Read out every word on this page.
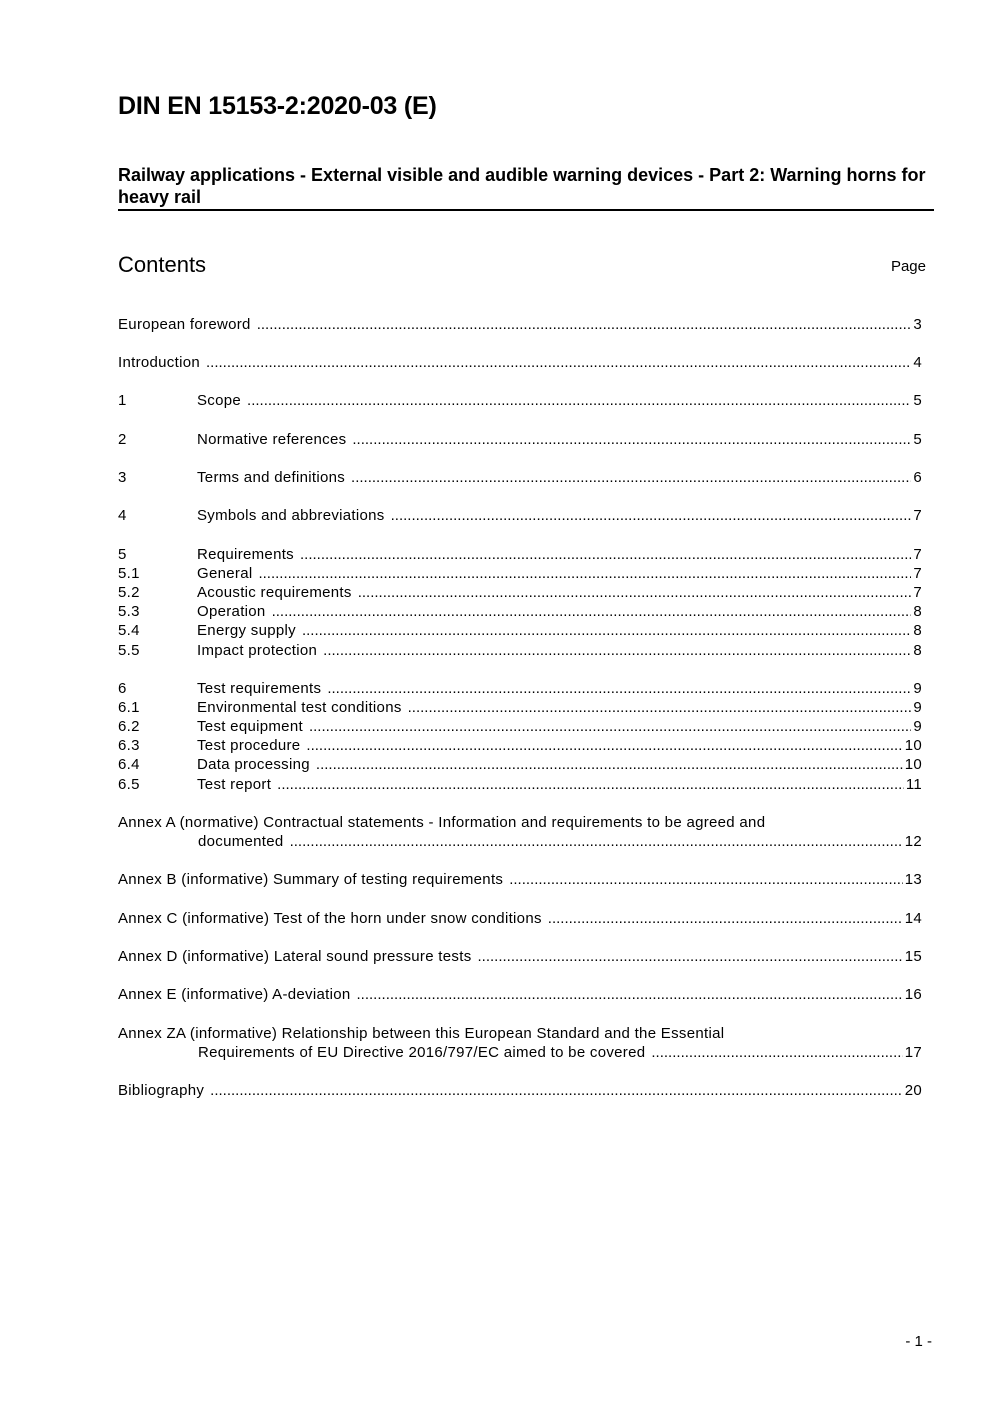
DIN EN 15153-2:2020-03 (E)
Railway applications - External visible and audible warning devices - Part 2: Warning horns for heavy rail
Contents	Page
European foreword .....	3
Introduction .....	4
1	Scope .....	5
2	Normative references .....	5
3	Terms and definitions .....	6
4	Symbols and abbreviations .....	7
5	Requirements .....	7
5.1	General .....	7
5.2	Acoustic requirements .....	7
5.3	Operation .....	8
5.4	Energy supply .....	8
5.5	Impact protection .....	8
6	Test requirements .....	9
6.1	Environmental test conditions .....	9
6.2	Test equipment .....	9
6.3	Test procedure .....	10
6.4	Data processing .....	10
6.5	Test report .....	11
Annex A (normative) Contractual statements - Information and requirements to be agreed and
documented .....	12
Annex B (informative) Summary of testing requirements .....	13
Annex C (informative) Test of the horn under snow conditions .....	14
Annex D (informative) Lateral sound pressure tests .....	15
Annex E (informative) A-deviation .....	16
Annex ZA (informative) Relationship between this European Standard and the Essential
Requirements of EU Directive 2016/797/EC aimed to be covered .....	17
Bibliography .....	20
- 1 -
